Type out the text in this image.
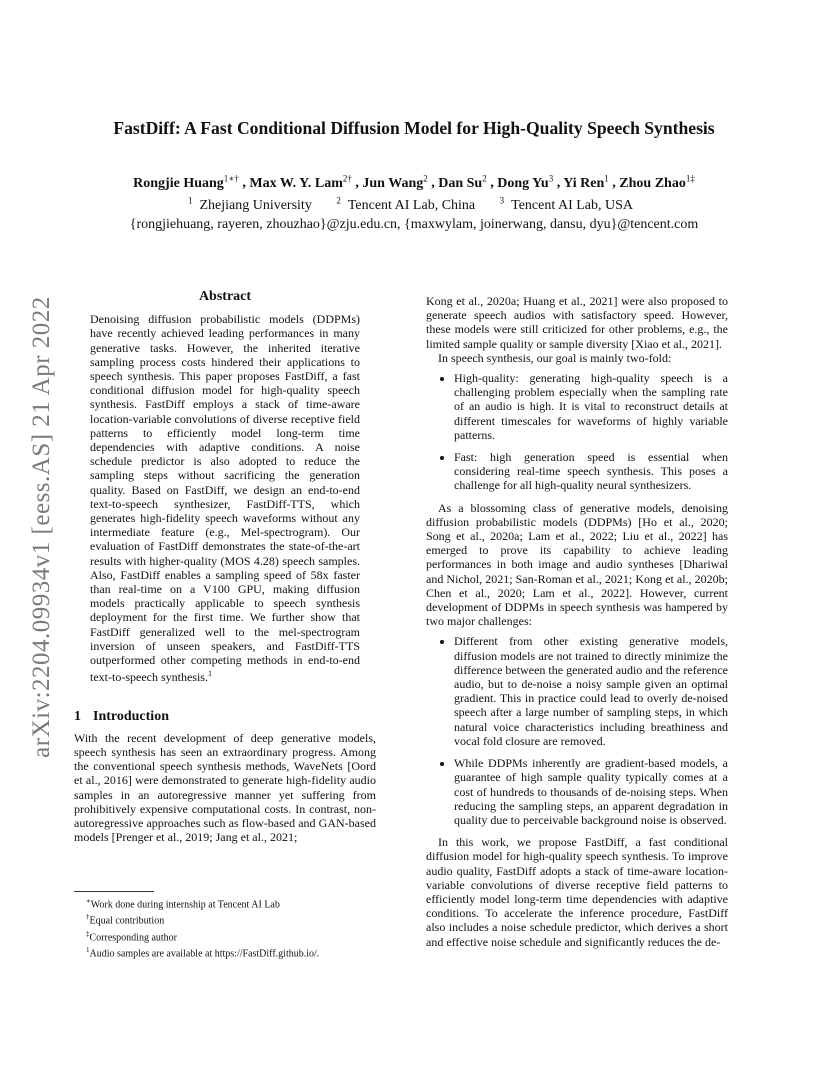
arXiv:2204.09934v1 [eess.AS] 21 Apr 2022
FastDiff: A Fast Conditional Diffusion Model for High-Quality Speech Synthesis
Rongjie Huang$^{1∗\dagger}$ , Max W. Y. Lam$^{2\dagger}$ , Jun Wang$^2$ , Dan Su$^2$ , Dong Yu$^3$ , Yi Ren$^1$ , Zhou Zhao$^{1\ddagger}$
$^1$ Zhejiang University	$^2$ Tencent AI Lab, China	$^3$ Tencent AI Lab, USA
{rongjiehuang, rayeren, zhouzhao}@zju.edu.cn, {maxwylam, joinerwang, dansu, dyu}@tencent.com
Abstract

Denoising diffusion probabilistic models (DDPMs) have recently achieved leading performances in many generative tasks. However, the inherited iterative sampling process costs hindered their applications to speech synthesis. This paper proposes FastDiff, a fast conditional diffusion model for high-quality speech synthesis. FastDiff employs a stack of time-aware location-variable convolutions of diverse receptive field patterns to efficiently model long-term time dependencies with adaptive conditions. A noise schedule predictor is also adopted to reduce the sampling steps without sacrificing the generation quality. Based on FastDiff, we design an end-to-end text-to-speech synthesizer, FastDiff-TTS, which generates high-fidelity speech waveforms without any intermediate feature (e.g., Mel-spectrogram). Our evaluation of FastDiff demonstrates the state-of-the-art results with higher-quality (MOS 4.28) speech samples. Also, FastDiff enables a sampling speed of 58x faster than real-time on a V100 GPU, making diffusion models practically applicable to speech synthesis deployment for the first time. We further show that FastDiff generalized well to the mel-spectrogram inversion of unseen speakers, and FastDiff-TTS outperformed other competing methods in end-to-end text-to-speech synthesis.$^1$

1 Introduction

With the recent development of deep generative models, speech synthesis has seen an extraordinary progress. Among the conventional speech synthesis methods, WaveNets [Oord et al., 2016] were demonstrated to generate high-fidelity audio samples in an autoregressive manner yet suffering from prohibitively expensive computational costs. In contrast, non-autoregressive approaches such as flow-based and GAN-based models [Prenger et al., 2019; Jang et al., 2021;

∗Work done during internship at Tencent AI Lab
†Equal contribution
‡Corresponding author
$^1$Audio samples are available at https://FastDiff.github.io/.

Kong et al., 2020a; Huang et al., 2021] were also proposed to generate speech audios with satisfactory speed. However, these models were still criticized for other problems, e.g., the limited sample quality or sample diversity [Xiao et al., 2021].

In speech synthesis, our goal is mainly two-fold:

• High-quality: generating high-quality speech is a challenging problem especially when the sampling rate of an audio is high. It is vital to reconstruct details at different timescales for waveforms of highly variable patterns.
• Fast: high generation speed is essential when considering real-time speech synthesis. This poses a challenge for all high-quality neural synthesizers.

As a blossoming class of generative models, denoising diffusion probabilistic models (DDPMs) [Ho et al., 2020; Song et al., 2020a; Lam et al., 2022; Liu et al., 2022] has emerged to prove its capability to achieve leading performances in both image and audio syntheses [Dhariwal and Nichol, 2021; San-Roman et al., 2021; Kong et al., 2020b; Chen et al., 2020; Lam et al., 2022]. However, current development of DDPMs in speech synthesis was hampered by two major challenges:

• Different from other existing generative models, diffusion models are not trained to directly minimize the difference between the generated audio and the reference audio, but to de-noise a noisy sample given an optimal gradient. This in practice could lead to overly de-noised speech after a large number of sampling steps, in which natural voice characteristics including breathiness and vocal fold closure are removed.
• While DDPMs inherently are gradient-based models, a guarantee of high sample quality typically comes at a cost of hundreds to thousands of de-noising steps. When reducing the sampling steps, an apparent degradation in quality due to perceivable background noise is observed.

In this work, we propose FastDiff, a fast conditional diffusion model for high-quality speech synthesis. To improve audio quality, FastDiff adopts a stack of time-aware location-variable convolutions of diverse receptive field patterns to efficiently model long-term time dependencies with adaptive conditions. To accelerate the inference procedure, FastDiff also includes a noise schedule predictor, which derives a short and effective noise schedule and significantly reduces the de-
